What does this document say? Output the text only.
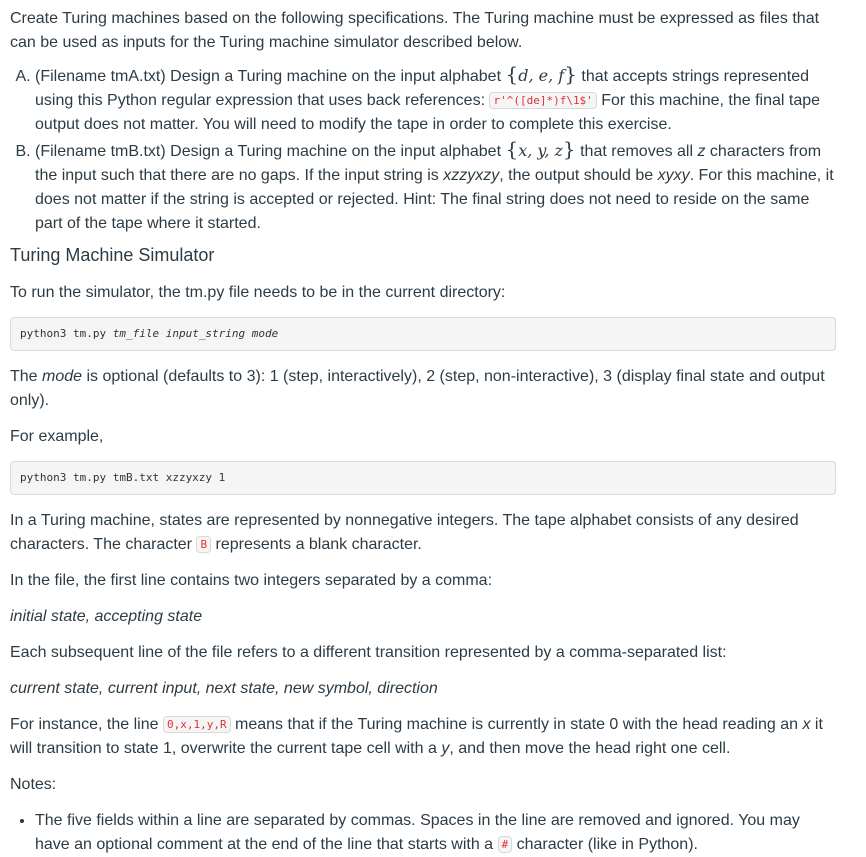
Create Turing machines based on the following specifications. The Turing machine must be expressed as files that can be used as inputs for the Turing machine simulator described below.

A. (Filename tmA.txt) Design a Turing machine on the input alphabet {d, e, f} that accepts strings represented using this Python regular expression that uses back references: r'^([de]*)f\1$' For this machine, the final tape output does not matter. You will need to modify the tape in order to complete this exercise.
B. (Filename tmB.txt) Design a Turing machine on the input alphabet {x, y, z} that removes all z characters from the input such that there are no gaps. If the input string is xzzyxzy, the output should be xyxy. For this machine, it does not matter if the string is accepted or rejected. Hint: The final string does not need to reside on the same part of the tape where it started.
Turing Machine Simulator

To run the simulator, the tm.py file needs to be in the current directory:

python3 tm.py tm_file input_string mode

The mode is optional (defaults to 3): 1 (step, interactively), 2 (step, non-interactive), 3 (display final state and output only).

For example,

python3 tm.py tmB.txt xzzyxzy 1

In a Turing machine, states are represented by nonnegative integers. The tape alphabet consists of any desired characters. The character B represents a blank character.

In the file, the first line contains two integers separated by a comma:

initial state, accepting state

Each subsequent line of the file refers to a different transition represented by a comma-separated list:

current state, current input, next state, new symbol, direction

For instance, the line 0,x,1,y,R means that if the Turing machine is currently in state 0 with the head reading an x it will transition to state 1, overwrite the current tape cell with a y, and then move the head right one cell.

Notes:

• The five fields within a line are separated by commas. Spaces in the line are removed and ignored. You may have an optional comment at the end of the line that starts with a # character (like in Python).
